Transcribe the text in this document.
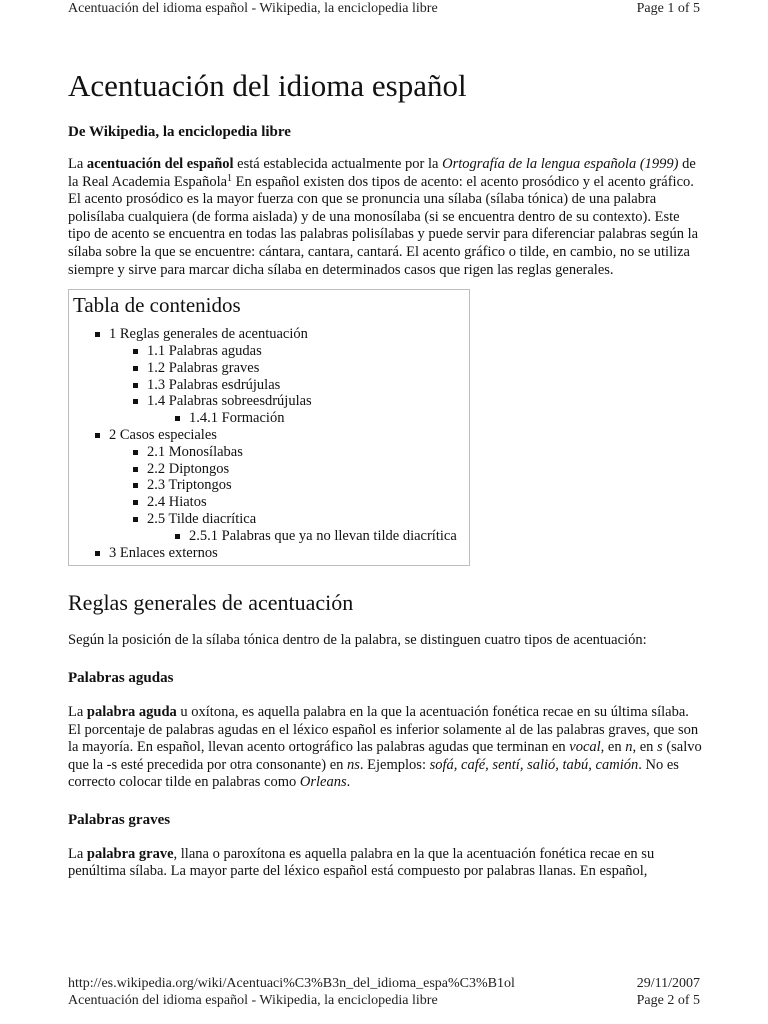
Acentuación del idioma español - Wikipedia, la enciclopedia libre	Page 1 of 5
Acentuación del idioma español
De Wikipedia, la enciclopedia libre

La acentuación del español está establecida actualmente por la Ortografía de la lengua española (1999) de la Real Academia Española$^1$ En español existen dos tipos de acento: el acento prosódico y el acento gráfico. El acento prosódico es la mayor fuerza con que se pronuncia una sílaba (sílaba tónica) de una palabra polisílaba cualquiera (de forma aislada) y de una monosílaba (si se encuentra dentro de su contexto). Este tipo de acento se encuentra en todas las palabras polisílabas y puede servir para diferenciar palabras según la sílaba sobre la que se encuentre: cántara, cantara, cantará. El acento gráfico o tilde, en cambio, no se utiliza siempre y sirve para marcar dicha sílaba en determinados casos que rigen las reglas generales.

Tabla de contenidos
1 Reglas generales de acentuación
1.1 Palabras agudas
1.2 Palabras graves
1.3 Palabras esdrújulas
1.4 Palabras sobreesdrújulas
1.4.1 Formación
2 Casos especiales
2.1 Monosílabas
2.2 Diptongos
2.3 Triptongos
2.4 Hiatos
2.5 Tilde diacrítica
2.5.1 Palabras que ya no llevan tilde diacrítica
3 Enlaces externos
Reglas generales de acentuación

Según la posición de la sílaba tónica dentro de la palabra, se distinguen cuatro tipos de acentuación:

Palabras agudas

La palabra aguda u oxítona, es aquella palabra en la que la acentuación fonética recae en su última sílaba. El porcentaje de palabras agudas en el léxico español es inferior solamente al de las palabras graves, que son la mayoría. En español, llevan acento ortográfico las palabras agudas que terminan en vocal, en n, en s (salvo que la -s esté precedida por otra consonante) en ns. Ejemplos: sofá, café, sentí, salió, tabú, camión. No es correcto colocar tilde en palabras como Orleans.

Palabras graves

La palabra grave, llana o paroxítona es aquella palabra en la que la acentuación fonética recae en su penúltima sílaba. La mayor parte del léxico español está compuesto por palabras llanas. En español,

http://es.wikipedia.org/wiki/Acentuaci%C3%B3n_del_idioma_espa%C3%B1ol	29/11/2007
Acentuación del idioma español - Wikipedia, la enciclopedia libre	Page 2 of 5
